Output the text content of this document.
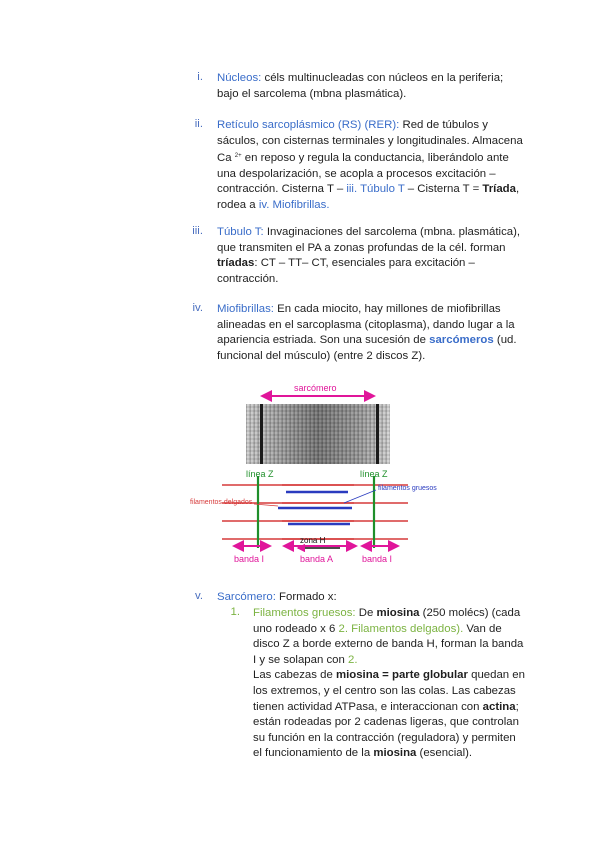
i. Núcleos: céls multinucleadas con núcleos en la periferia; bajo el sarcolema (mbna plasmática).
ii. Retículo sarcoplásmico (RS) (RER): Red de túbulos y sáculos, con cisternas terminales y longitudinales. Almacena Ca $^{2+}$ en reposo y regula la conductancia, liberándolo ante una despolarización, se acopla a procesos excitación – contracción. Cisterna T – iii. Túbulo T – Cisterna T = Tríada, rodea a iv. Miofibrillas.
iii. Túbulo T: Invaginaciones del sarcolema (mbna. plasmática), que transmiten el PA a zonas profundas de la cél. forman tríadas: CT – TT– CT, esenciales para excitación – contracción.
iv. Miofibrillas: En cada miocito, hay millones de miofibrillas alineadas en el sarcoplasma (citoplasma), dando lugar a la apariencia estriada. Son una sucesión de sarcómeros (ud. funcional del músculo) (entre 2 discos Z).
sarcómero
línea Z	línea Z
filamentos gruesos
filamentos delgados
zona H
banda I	banda A	banda I
v. Sarcómero: Formado x:
1. Filamentos gruesos: De miosina (250 molécs) (cada uno rodeado x 6 2. Filamentos delgados). Van de disco Z a borde externo de banda H, forman la banda I y se solapan con 2.
Las cabezas de miosina = parte globular quedan en los extremos, y el centro son las colas. Las cabezas tienen actividad ATPasa, e interaccionan con actina; están rodeadas por 2 cadenas ligeras, que controlan su función en la contracción (reguladora) y permiten el funcionamiento de la miosina (esencial).
